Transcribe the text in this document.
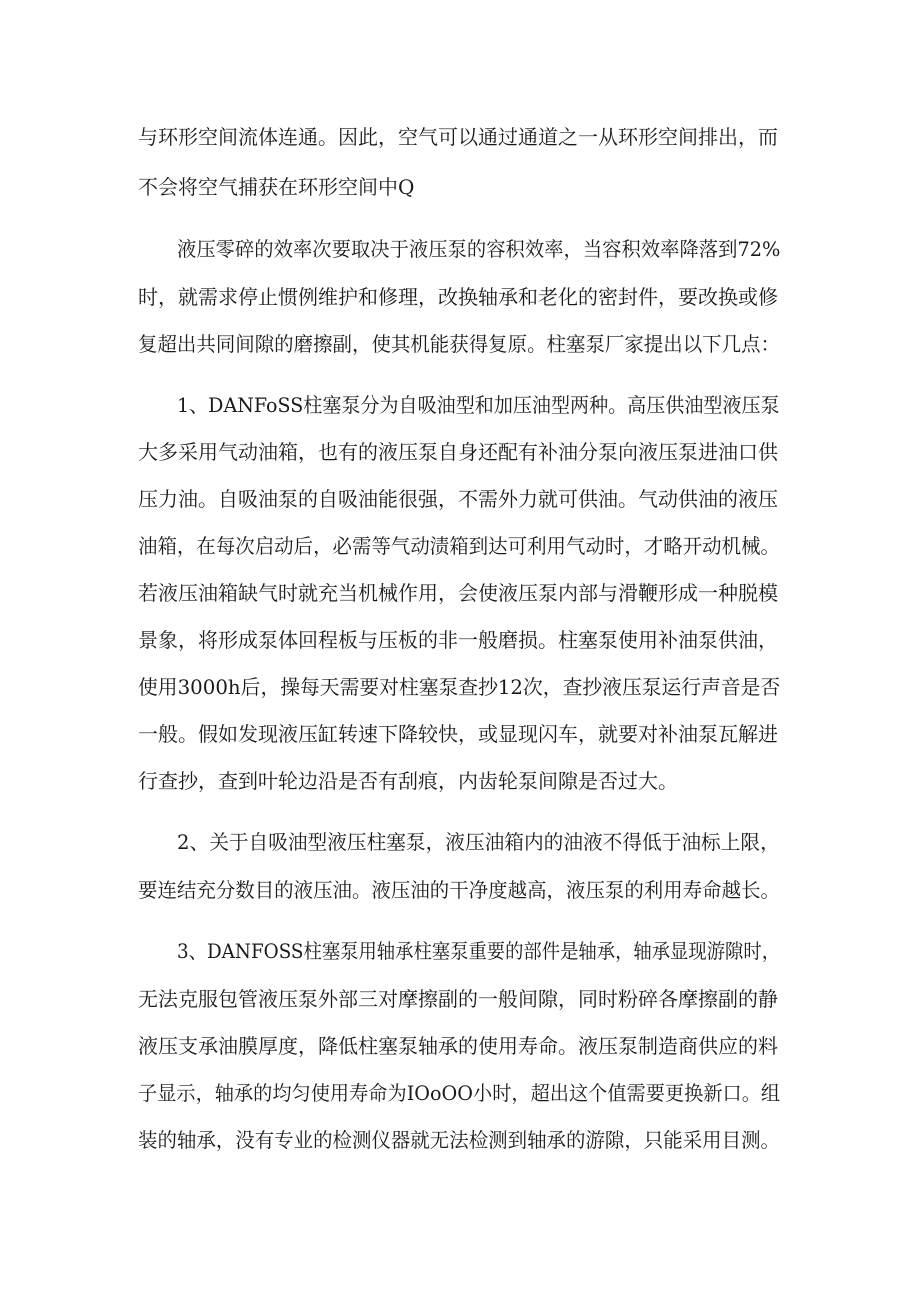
与环形空间流体连通。因此，空气可以通过通道之一从环形空间排出，而
不会将空气捕获在环形空间中Q
液压零碎的效率次要取决于液压泵的容积效率，当容积效率降落到72%
时，就需求停止惯例维护和修理，改换轴承和老化的密封件，要改换或修
复超出共同间隙的磨擦副，使其机能获得复原。柱塞泵厂家提出以下几点：
1、DANFoSS柱塞泵分为自吸油型和加压油型两种。高压供油型液压泵
大多采用气动油箱，也有的液压泵自身还配有补油分泵向液压泵进油口供
压力油。自吸油泵的自吸油能很强，不需外力就可供油。气动供油的液压
油箱，在每次启动后，必需等气动渍箱到达可利用气动时，才略开动机械。
若液压油箱缺气时就充当机械作用，会使液压泵内部与滑鞭形成一种脱模
景象，将形成泵体回程板与压板的非一般磨损。柱塞泵使用补油泵供油，
使用3000h后，操每天需要对柱塞泵查抄12次，查抄液压泵运行声音是否
一般。假如发现液压缸转速下降较快，或显现闪车，就要对补油泵瓦解进
行查抄，查到叶轮边沿是否有刮痕，内齿轮泵间隙是否过大。
2、关于自吸油型液压柱塞泵，液压油箱内的油液不得低于油标上限，
要连结充分数目的液压油。液压油的干净度越高，液压泵的利用寿命越长。
3、DANFOSS柱塞泵用轴承柱塞泵重要的部件是轴承，轴承显现游隙时，
无法克服包管液压泵外部三对摩擦副的一般间隙，同时粉碎各摩擦副的静
液压支承油膜厚度，降低柱塞泵轴承的使用寿命。液压泵制造商供应的料
子显示，轴承的均匀使用寿命为IOoOO小时，超出这个值需要更换新口。组
装的轴承，没有专业的检测仪器就无法检测到轴承的游隙，只能采用目测。
